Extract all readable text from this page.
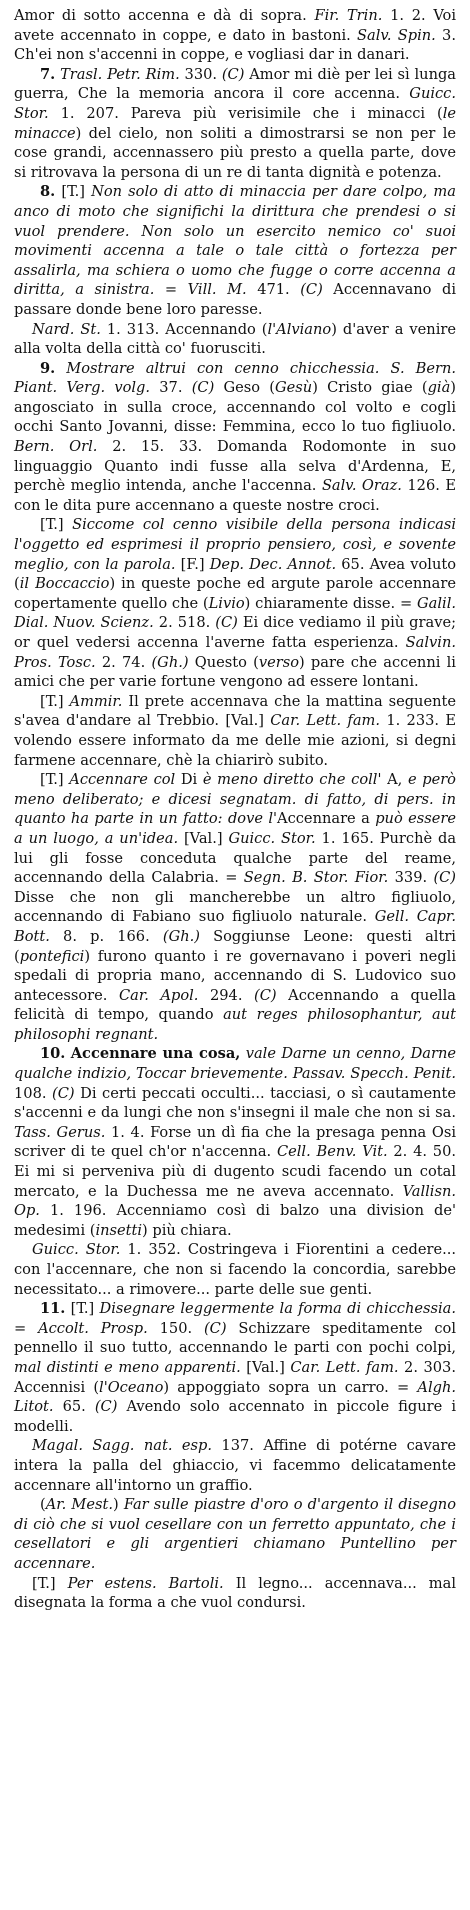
Amor di sotto accenna e dà di sopra. Fir. Trin. 1. 2. Voi avete accennato in coppe, e dato in bastoni. Salv. Spin. 3. Ch'ei non s'accenni in coppe, e vogliasi dar in danari.

7. Trasl. Petr. Rim. 330. (C) Amor mi diè per lei sì lunga guerra, Che la memoria ancora il core accenna. Guicc. Stor. 1. 207. Pareva più verisimile che i minacci (le minacce) del cielo, non soliti a dimostrarsi se non per le cose grandi, accennassero più presto a quella parte, dove si ritrovava la persona di un re di tanta dignità e potenza.

8. [T.] Non solo di atto di minaccia per dare colpo, ma anco di moto che significhi la dirittura che prendesi o si vuol prendere. Non solo un esercito nemico co' suoi movimenti accenna a tale o tale città o fortezza per assalirla, ma schiera o uomo che fugge o corre accenna a diritta, a sinistra. = Vill. M. 471. (C) Accennavano di passare donde bene loro paresse.

Nard. St. 1. 313. Accennando (l'Alviano) d'aver a venire alla volta della città co' fuorusciti.

9. Mostrare altrui con cenno chicchessia. S. Bern. Piant. Verg. volg. 37. (C) Geso (Gesù) Cristo giae (già) angosciato in sulla croce, accennando col volto e cogli occhi Santo Jovanni, disse: Femmina, ecco lo tuo figliuolo. Bern. Orl. 2. 15. 33. Domanda Rodomonte in suo linguaggio Quanto indi fusse alla selva d'Ardenna, E, perchè meglio intenda, anche l'accenna. Salv. Oraz. 126. E con le dita pure accennano a queste nostre croci.

[T.] Siccome col cenno visibile della persona indicasi l'oggetto ed esprimesi il proprio pensiero, così, e sovente meglio, con la parola. [F.] Dep. Dec. Annot. 65. Avea voluto (il Boccaccio) in queste poche ed argute parole accennare copertamente quello che (Livio) chiaramente disse. = Galil. Dial. Nuov. Scienz. 2. 518. (C) Ei dice vediamo il più grave; or quel vedersi accenna l'averne fatta esperienza. Salvin. Pros. Tosc. 2. 74. (Gh.) Questo (verso) pare che accenni li amici che per varie fortune vengono ad essere lontani.

[T.] Ammir. Il prete accennava che la mattina seguente s'avea d'andare al Trebbio. [Val.] Car. Lett. fam. 1. 233. E volendo essere informato da me delle mie azioni, si degni farmene accennare, chè la chiarirò subito.

[T.] Accennare col Di è meno diretto che coll' A, e però meno deliberato; e dicesi segnatam. di fatto, di pers. in quanto ha parte in un fatto: dove l'Accennare a può essere a un luogo, a un'idea. [Val.] Guicc. Stor. 1. 165. Purchè da lui gli fosse conceduta qualche parte del reame, accennando della Calabria. = Segn. B. Stor. Fior. 339. (C) Disse che non gli mancherebbe un altro figliuolo, accennando di Fabiano suo figliuolo naturale. Gell. Capr. Bott. 8. p. 166. (Gh.) Soggiunse Leone: questi altri (pontefici) furono quanto i re governavano i poveri negli spedali di propria mano, accennando di S. Ludovico suo antecessore. Car. Apol. 294. (C) Accennando a quella felicità di tempo, quando aut reges philosophantur, aut philosophi regnant.

10. Accennare una cosa, vale Darne un cenno, Darne qualche indizio, Toccar brievemente. Passav. Specch. Penit. 108. (C) Di certi peccati occulti... tacciasi, o sì cautamente s'accenni e da lungi che non s'insegni il male che non si sa. Tass. Gerus. 1. 4. Forse un dì fia che la presaga penna Osi scriver di te quel ch'or n'accenna. Cell. Benv. Vit. 2. 4. 50. Ei mi si perveniva più di dugento scudi facendo un cotal mercato, e la Duchessa me ne aveva accennato. Vallisn. Op. 1. 196. Accenniamo così di balzo una division de' medesimi (insetti) più chiara.

Guicc. Stor. 1. 352. Costringeva i Fiorentini a cedere... con l'accennare, che non si facendo la concordia, sarebbe necessitato... a rimovere... parte delle sue genti.

11. [T.] Disegnare leggermente la forma di chicchessia. = Accolt. Prosp. 150. (C) Schizzare speditamente col pennello il suo tutto, accennando le parti con pochi colpi, mal distinti e meno apparenti. [Val.] Car. Lett. fam. 2. 303. Accennisi (l'Oceano) appoggiato sopra un carro. = Algh. Litot. 65. (C) Avendo solo accennato in piccole figure i modelli.

Magal. Sagg. nat. esp. 137. Affine di potérne cavare intera la palla del ghiaccio, vi facemmo delicatamente accennare all'intorno un graffio.

(Ar. Mest.) Far sulle piastre d'oro o d'argento il disegno di ciò che si vuol cesellare con un ferretto appuntato, che i cesellatori e gli argentieri chiamano Puntellino per accennare.

[T.] Per estens. Bartoli. Il legno... accennava... mal disegnata la forma a che vuol condursi.
